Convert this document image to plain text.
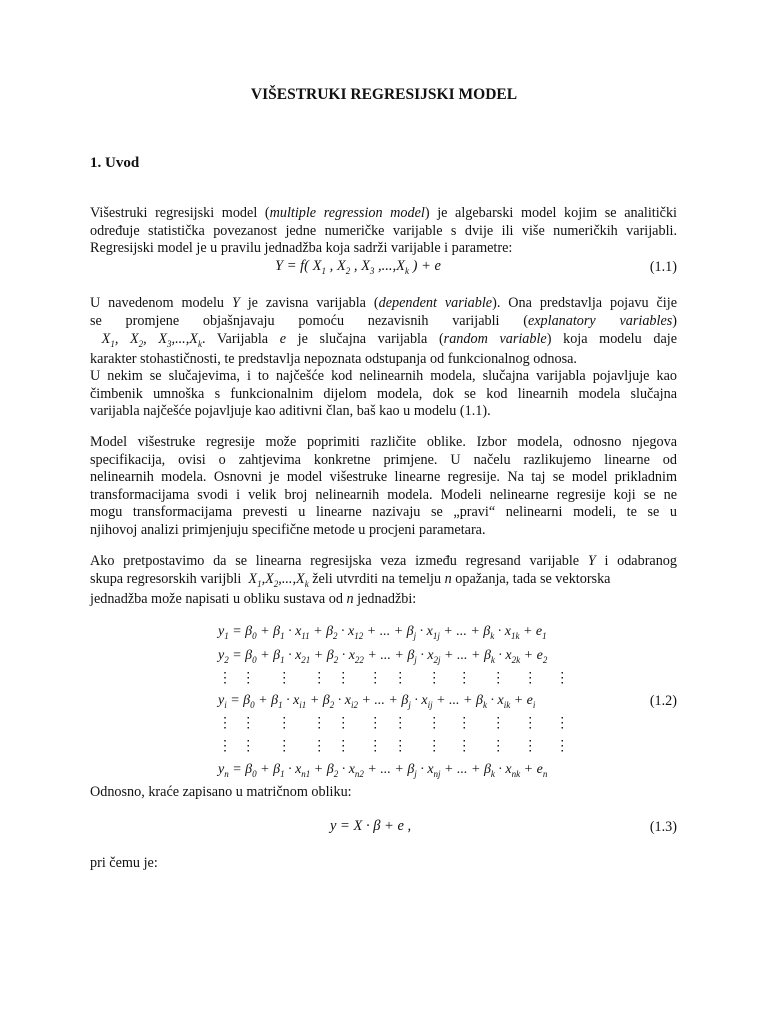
VIŠESTRUKI REGRESIJSKI MODEL
1. Uvod
Višestruki regresijski model (multiple regression model) je algebarski model kojim se analitički
određuje statistička povezanost jedne numeričke varijable s dvije ili više numeričkih varijabli.
Regresijski model je u pravilu jednadžba koja sadrži varijable i parametre:
Y = f( $X_1$ , $X_2$ , $X_3$ $,...,X_k$ ) + e	(1.1)
U navedenom modelu Y je zavisna varijabla (dependent variable). Ona predstavlja pojavu čije
se promjene objašnjavaju pomoću nezavisnih varijabli (explanatory variables)
$X_1$, $X_2$, $X_3,...,X_k$. Varijabla e je slučajna varijabla (random variable) koja modelu daje
karakter stohastičnosti, te predstavlja nepoznata odstupanja od funkcionalnog odnosa.
U nekim se slučajevima, i to najčešće kod nelinearnih modela, slučajna varijabla pojavljuje kao
čimbenik umnoška s funkcionalnim dijelom modela, dok se kod linearnih modela slučajna
varijabla najčešće pojavljuje kao aditivni član, baš kao u modelu (1.1).
Model višestruke regresije može poprimiti različite oblike. Izbor modela, odnosno njegova
specifikacija, ovisi o zahtjevima konkretne primjene. U načelu razlikujemo linearne od
nelinearnih modela. Osnovni je model višestruke linearne regresije. Na taj se model prikladnim
transformacijama svodi i velik broj nelinearnih modela. Modeli nelinearne regresije koji se ne
mogu transformacijama prevesti u linearne nazivaju se „pravi“ nelinearni modeli, te se u
njihovoj analizi primjenjuju specifične metode u procjeni parametara.
Ako pretpostavimo da se linearna regresijska veza između regresand varijable Y i odabranog
skupa regresorskih varijbli  $X_1,X_2,...,X_k$ želi utvrditi na temelju n opažanja, tada se vektorska
jednadžba može napisati u obliku sustava od n jednadžbi:
$y_1 = \beta_0 + \beta_1 \cdot x_{11} + \beta_2 \cdot x_{12}$ + ... + $\beta_j \cdot x_{1j}$ + ... + $\beta_k \cdot x_{1k} + e_1$
$y_2 = \beta_0 + \beta_1 \cdot x_{21} + \beta_2 \cdot x_{22}$ + ... + $\beta_j \cdot x_{2j}$ + ... + $\beta_k \cdot x_{2k} + e_2$
⋮ ⋮ ⋮ ⋮ ⋮ ⋮ ⋮ ⋮ ⋮ ⋮ ⋮ ⋮
$y_i = \beta_0 + \beta_1 \cdot x_{i1} + \beta_2 \cdot x_{i2}$ + ... + $\beta_j \cdot x_{ij}$ + ... + $\beta_k \cdot x_{ik} + e_i$	(1.2)
⋮ ⋮ ⋮ ⋮ ⋮ ⋮ ⋮ ⋮ ⋮ ⋮ ⋮ ⋮
⋮ ⋮ ⋮ ⋮ ⋮ ⋮ ⋮ ⋮ ⋮ ⋮ ⋮ ⋮
$y_n = \beta_0 + \beta_1 \cdot x_{n1} + \beta_2 \cdot x_{n2}$ + ... + $\beta_j \cdot x_{nj}$ + ... + $\beta_k \cdot x_{nk} + e_n$
Odnosno, kraće zapisano u matričnom obliku:
y = X · β + e ,	(1.3)
pri čemu je:
